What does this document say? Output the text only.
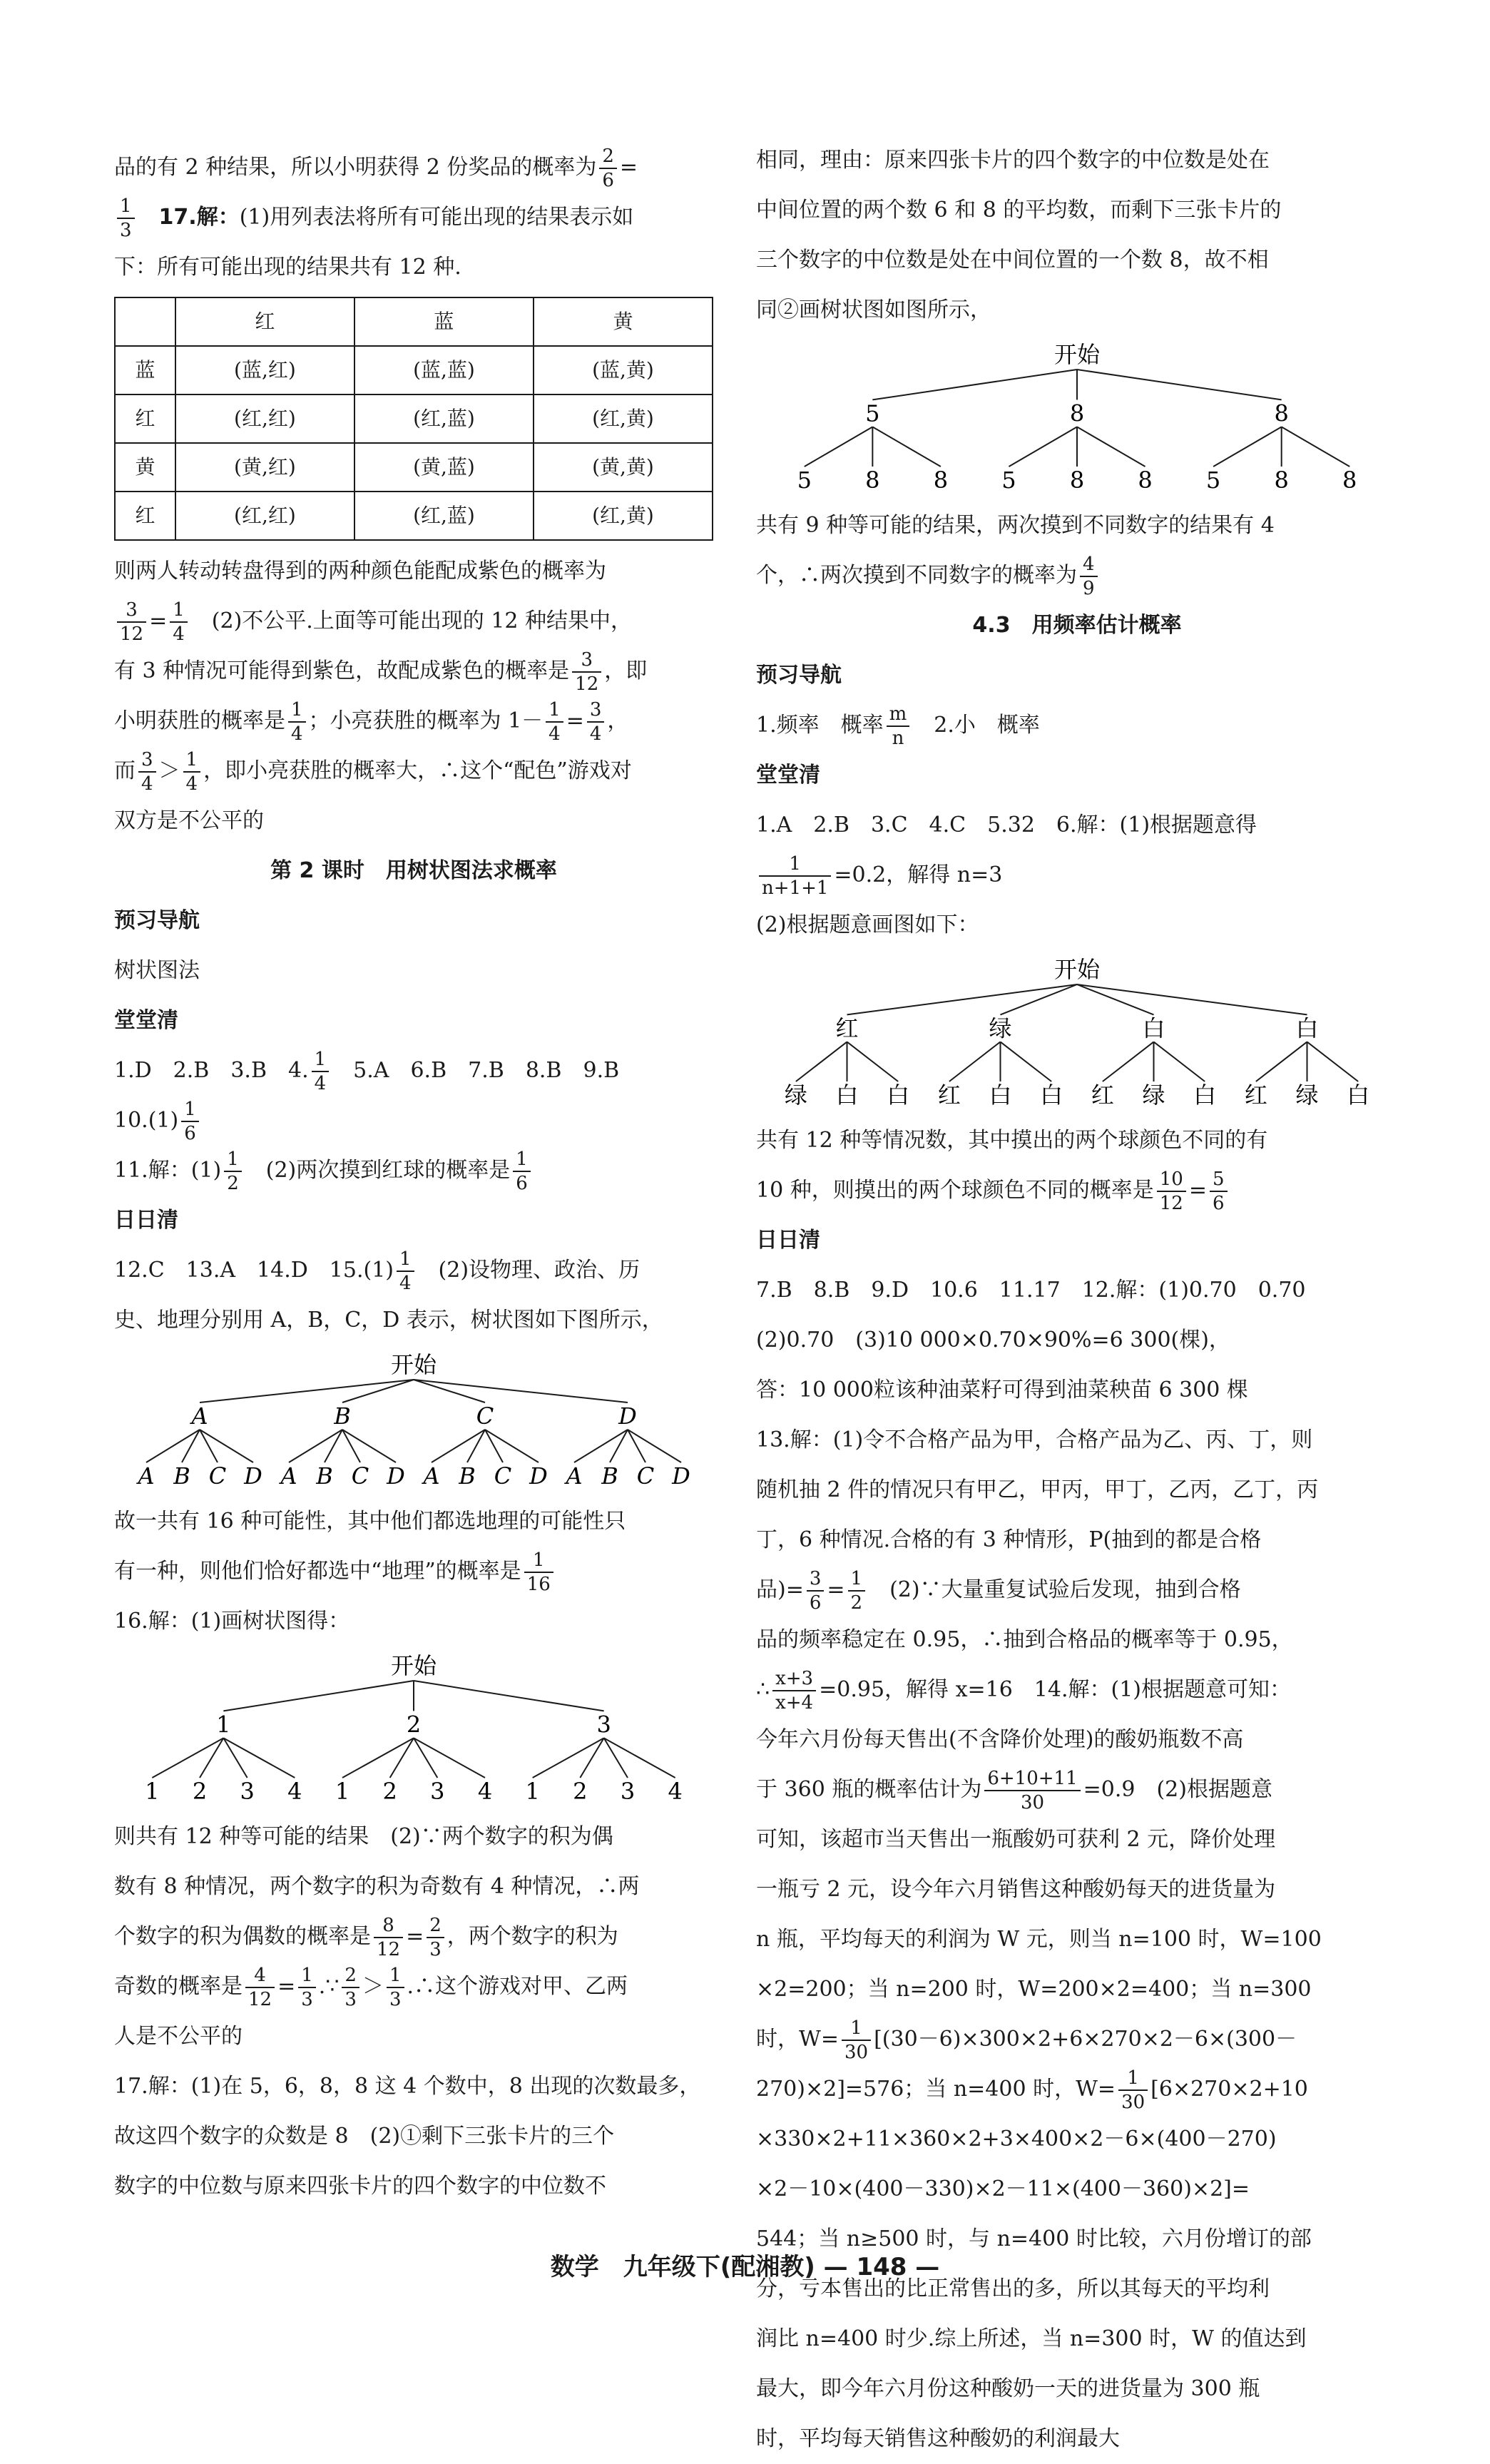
品的有 2 种结果，所以小明获得 2 份奖品的概率为 $\frac{2}{6}$ =

$\frac{1}{3}$
　 17.解：(1)用列表法将所有可能出现的结果表示如

下：所有可能出现的结果共有 12 种.

	红	蓝	黄
蓝	(蓝,红)	(蓝,蓝)	(蓝,黄)
红	(红,红)	(红,蓝)	(红,黄)
黄	(黄,红)	(黄,蓝)	(黄,黄)
红	(红,红)	(红,蓝)	(红,黄)

则两人转动转盘得到的两种颜色能配成紫色的概率为

$\frac{3}{12} = \frac{1}{4}$
　 (2)不公平.上面等可能出现的 12 种结果中，

有 3 种情况可能得到紫色，故配成紫色的概率是 $\frac{3}{12}$ ，即

小明获胜的概率是 $\frac{1}{4}$ ；小亮获胜的概率为 $1- \frac{1}{4} = \frac{3}{4}$ ，

而 $\frac{3}{4} > \frac{1}{4}$ ，即小亮获胜的概率大，∴这个“配色”游戏对

双方是不公平的

第 2 课时　用树状图法求概率

预习导航

树状图法

堂堂清

1.D　2.B　3.B　4. $\frac{1}{4}$ 　5.A　6.B　7.B　8.B　9.B

$10.(1) \frac{1}{6}$

11.解：$(1) \frac{1}{2}$ 　(2)两次摸到红球的概率是 $\frac{1}{6}$

日日清

12.C　13.A　14.D　$15.(1) \frac{1}{4}$ 　(2)设物理、政治、历

史、地理分别用 A，B，C，D 表示，树状图如下图所示，

开始
A
A B C D
B
A B C D
C
A B C D
D
A B C D

故一共有 16 种可能性，其中他们都选地理的可能性只

有一种，则他们恰好都选中“地理”的概率是 $\frac{1}{16}$

16.解：(1)画树状图得：

开始
1
1 2 3 4
2
1 2 3 4
3
1 2 3 4

则共有 12 种等可能的结果　(2)∵两个数字的积为偶

数有 8 种情况，两个数字的积为奇数有 4 种情况，∴两

个数字的积为偶数的概率是 $\frac{8}{12} = \frac{2}{3}$ ，两个数字的积为

奇数的概率是 $\frac{4}{12} = \frac{1}{3}$ .∵ $\frac{2}{3} > \frac{1}{3}$ .∴这个游戏对甲、乙两

人是不公平的

17.解：(1)在 5，6，8，8 这 4 个数中，8 出现的次数最多，

故这四个数字的众数是 8　(2)①剩下三张卡片的三个

数字的中位数与原来四张卡片的四个数字的中位数不

相同，理由：原来四张卡片的四个数字的中位数是处在

中间位置的两个数 6 和 8 的平均数，而剩下三张卡片的

三个数字的中位数是处在中间位置的一个数 8，故不相

同②画树状图如图所示，

开始
5
5 8 8
8
5 8 8
8
5 8 8

共有 9 种等可能的结果，两次摸到不同数字的结果有 4

个，∴两次摸到不同数字的概率为 $\frac{4}{9}$

4.3　用频率估计概率

预习导航

1.频率　概率 $\frac{m}{n}$
　 2.小　概率

堂堂清

1.A　2.B　3.C　4.C　5.32　6.解：(1)根据题意得

$\frac{1}{n+1+1} =0.2$，解得 n=3

(2)根据题意画图如下：

开始
红
绿 白 白
绿
红 白 白
白
红 绿 白
白
红 绿 白

共有 12 种等情况数，其中摸出的两个球颜色不同的有

10 种，则摸出的两个球颜色不同的概率是 $\frac{10}{12} = \frac{5}{6}$

日日清

7.B　8.B　9.D　10.6　11.17　12.解：(1)0.70　0.70

(2)0.70　(3)10 000×0.70×90%=6 300(棵)，

答：10 000粒该种油菜籽可得到油菜秧苗 6 300 棵

13.解：(1)令不合格产品为甲，合格产品为乙、丙、丁，则

随机抽 2 件的情况只有甲乙，甲丙，甲丁，乙丙，乙丁，丙

丁，6 种情况.合格的有 3 种情形，P(抽到的都是合格

品)= $\frac{3}{6} = \frac{1}{2}$ 　(2)∵大量重复试验后发现，抽到合格

品的频率稳定在 0.95，∴抽到合格品的概率等于 0.95，

∴ $\frac{x+3}{x+4} =0.95$，解得 x=16　14.解：(1)根据题意可知：

今年六月份每天售出(不含降价处理)的酸奶瓶数不高

于 360 瓶的概率估计为 $\frac{6+10+11}{30} =0.9$　(2)根据题意

可知，该超市当天售出一瓶酸奶可获利 2 元，降价处理

一瓶亏 2 元，设今年六月销售这种酸奶每天的进货量为

n 瓶，平均每天的利润为 W 元，则当 n=100 时，W=100

×2=200；当 n=200 时，W=200×2=400；当 n=300

时，$W= \frac{1}{30} [(30-6)\times 300\times 2+6\times 270\times 2-6\times(300-$

270)×2]=576；当 n=400 时，$W= \frac{1}{30} [6\times 270\times 2+10$

×330×2+11×360×2+3×400×2－6×(400－270)

×2－10×(400－330)×2－11×(400－360)×2]=

544；当 n≥500 时，与 n=400 时比较，六月份增订的部

分，亏本售出的比正常售出的多，所以其每天的平均利

润比 n=400 时少.综上所述，当 n=300 时，W 的值达到

最大，即今年六月份这种酸奶一天的进货量为 300 瓶

时，平均每天销售这种酸奶的利润最大

数学　九年级下(配湘教) — 148 —
